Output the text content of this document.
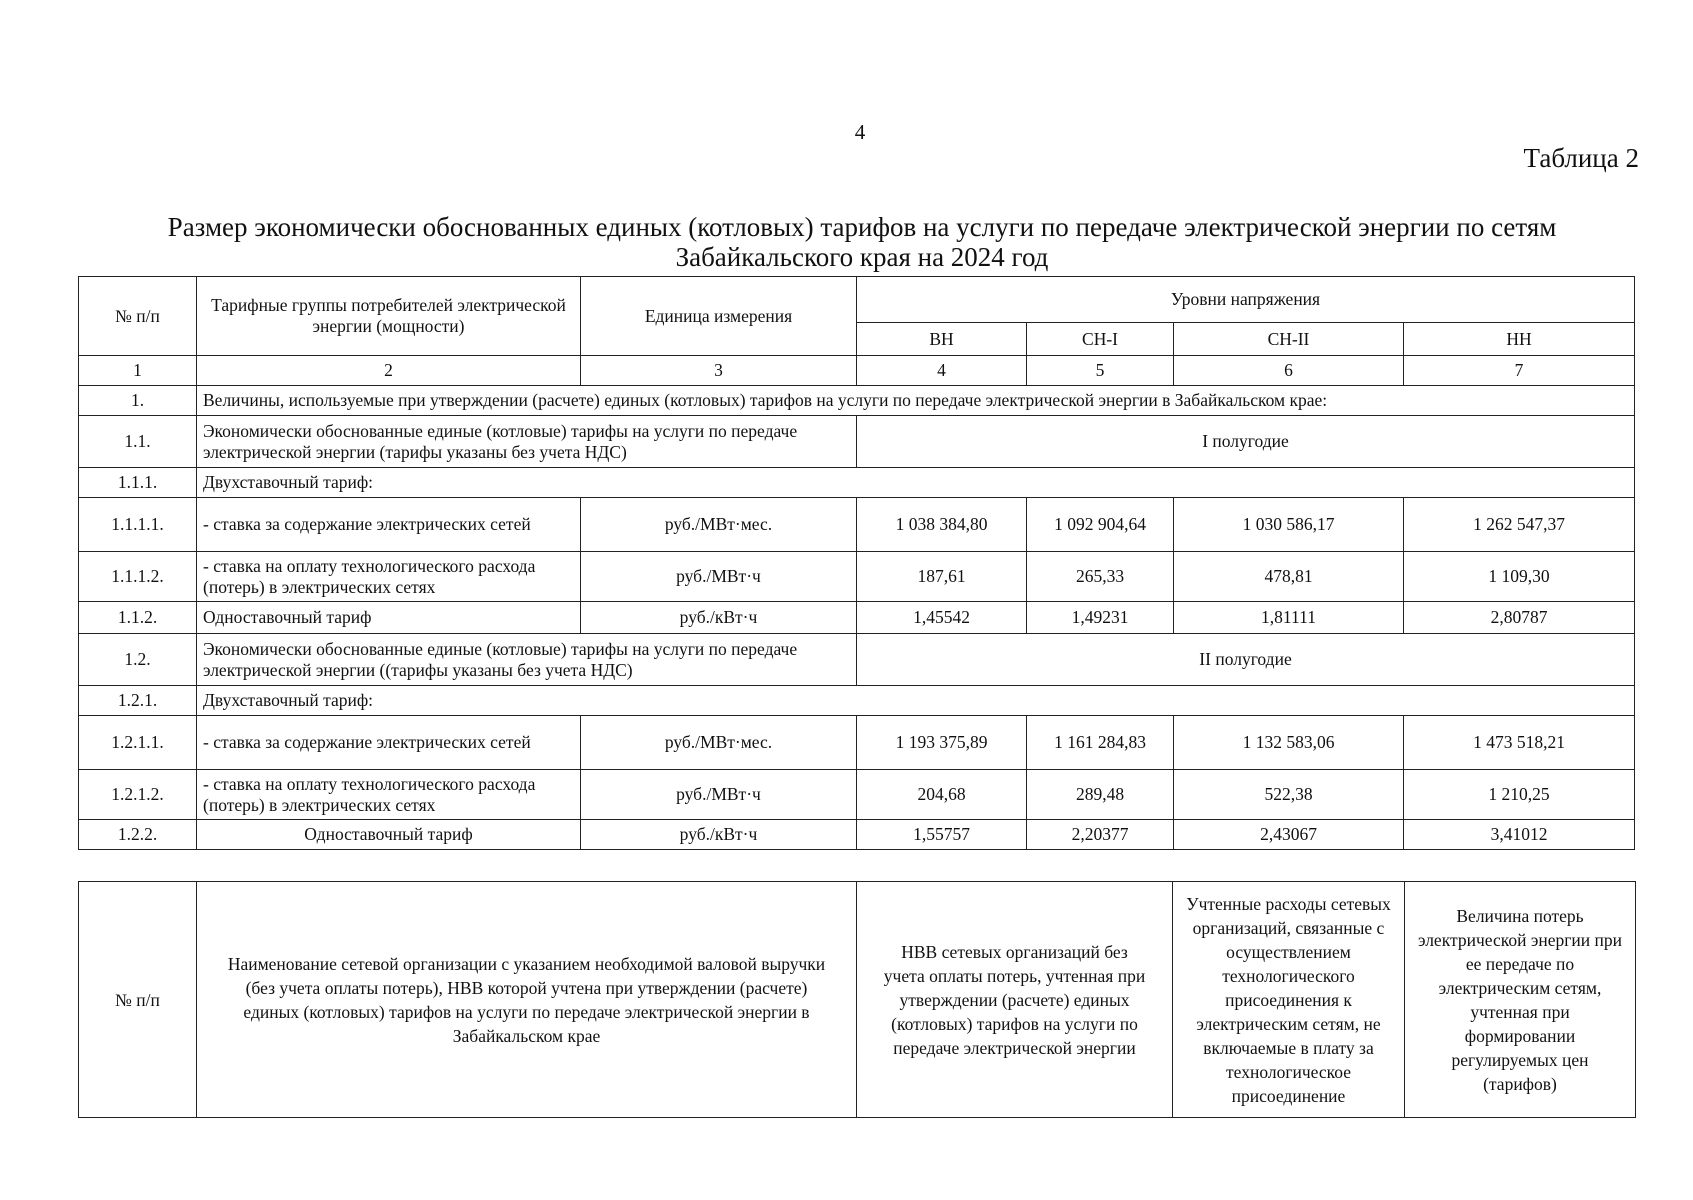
4
Таблица 2
Размер экономически обоснованных единых (котловых) тарифов на услуги по передаче электрической энергии по сетям Забайкальского края на 2024 год
№ п/п	Тарифные группы потребителей электрической энергии (мощности)	Единица измерения	Уровни напряжения			
			ВН	СН-I	СН-II	НН
1	2	3	4	5	6	7
1.	Величины, используемые при утверждении (расчете) единых (котловых) тарифов на услуги по передаче электрической энергии в Забайкальском крае:					
1.1.	Экономически обоснованные единые (котловые) тарифы на услуги по передаче электрической энергии (тарифы указаны без учета НДС)		I полугодие			
1.1.1.	Двухставочный тариф:					
1.1.1.1.	- ставка за содержание электрических сетей	руб./МВт·мес.	1 038 384,80	1 092 904,64	1 030 586,17	1 262 547,37
1.1.1.2.	- ставка на оплату технологического расхода (потерь) в электрических сетях	руб./МВт·ч	187,61	265,33	478,81	1 109,30
1.1.2.	Одноставочный тариф	руб./кВт·ч	1,45542	1,49231	1,81111	2,80787
1.2.	Экономически обоснованные единые (котловые) тарифы на услуги по передаче электрической энергии ((тарифы указаны без учета НДС)		II полугодие			
1.2.1.	Двухставочный тариф:					
1.2.1.1.	- ставка за содержание электрических сетей	руб./МВт·мес.	1 193 375,89	1 161 284,83	1 132 583,06	1 473 518,21
1.2.1.2.	- ставка на оплату технологического расхода (потерь) в электрических сетях	руб./МВт·ч	204,68	289,48	522,38	1 210,25
1.2.2.	Одноставочный тариф	руб./кВт·ч	1,55757	2,20377	2,43067	3,41012
№ п/п	Наименование сетевой организации с указанием необходимой валовой выручки (без учета оплаты потерь), НВВ которой учтена при утверждении (расчете) единых (котловых) тарифов на услуги по передаче электрической энергии в Забайкальском крае	НВВ сетевых организаций без учета оплаты потерь, учтенная при утверждении (расчете) единых (котловых) тарифов на услуги по передаче электрической энергии	Учтенные расходы сетевых организаций, связанные с осуществлением технологического присоединения к электрическим сетям, не включаемые в плату за технологическое присоединение	Величина потерь электрической энергии при ее передаче по электрическим сетям, учтенная при формировании регулируемых цен (тарифов)
